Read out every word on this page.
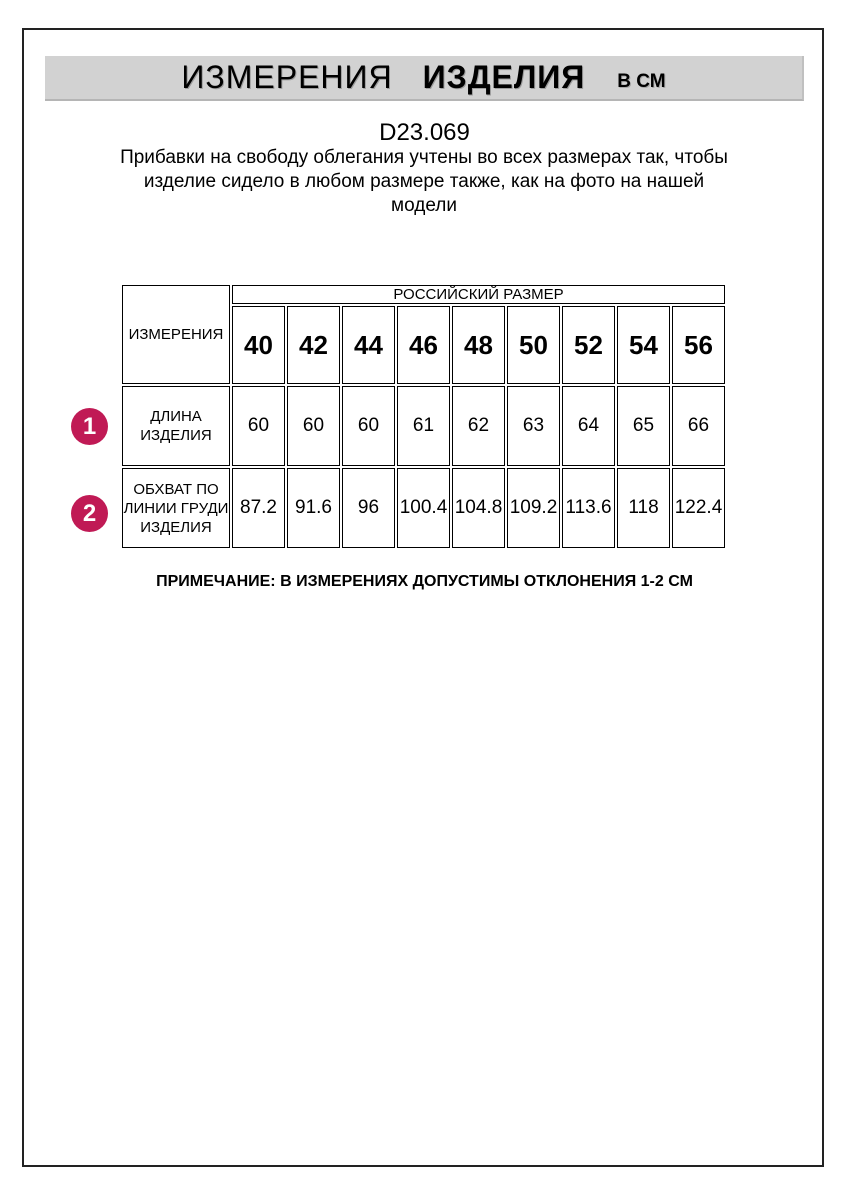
ИЗМЕРЕНИЯ ИЗДЕЛИЯ В СМ
D23.069
Прибавки на свободу облегания учтены во всех размерах так, чтобы
изделие сидело в любом размере также, как на фото на нашей
модели
ИЗМЕРЕНИЯ	РОССИЙСКИЙ РАЗМЕР								
	40	42	44	46	48	50	52	54	56
ДЛИНА ИЗДЕЛИЯ	60	60	60	61	62	63	64	65	66
ОБХВАТ ПО ЛИНИИ ГРУДИ ИЗДЕЛИЯ	87.2	91.6	96	100.4	104.8	109.2	113.6	118	122.4
1
2
ПРИМЕЧАНИЕ: В ИЗМЕРЕНИЯХ ДОПУСТИМЫ ОТКЛОНЕНИЯ 1-2 СМ
